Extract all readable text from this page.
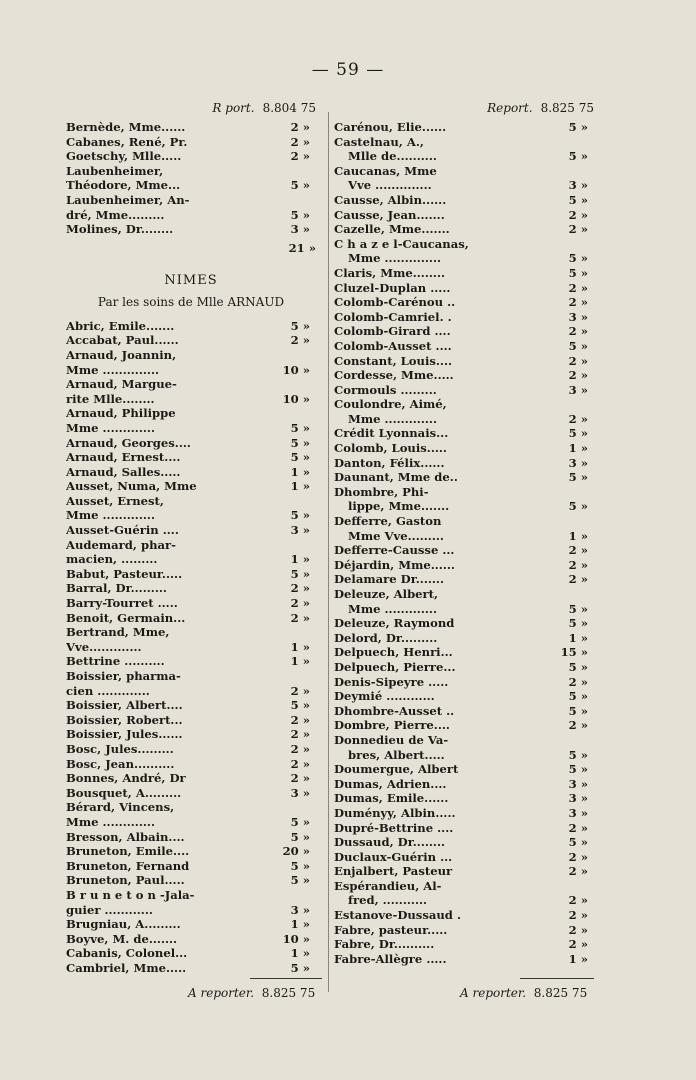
— 59 —
R port. 8.804 75
Bernède, Mme......	2 »
Cabanes, René, Pr.	2 »
Goetschy, Mlle.....	2 »
Laubenheimer,
Théodore, Mme...	5 »
Laubenheimer, An-
dré, Mme.........	5 »
Molines, Dr........	3 »
21 »
NIMES
Par les soins de Mlle ARNAUD
Abric, Emile.......	5 »
Accabat, Paul......	2 »
Arnaud, Joannin,
Mme ..............	10 »
Arnaud, Margue-
rite Mlle........	10 »
Arnaud, Philippe
Mme .............	5 »
Arnaud, Georges....	5 »
Arnaud, Ernest....	5 »
Arnaud, Salles.....	1 »
Ausset, Numa, Mme	1 »
Ausset, Ernest,
Mme .............	5 »
Ausset-Guérin ....	3 »
Audemard, phar-
macien, .........	1 »
Babut, Pasteur.....	5 »
Barral, Dr.........	2 »
Barry-Tourret .....	2 »
Benoit, Germain...	2 »
Bertrand, Mme,
Vve.............	1 »
Bettrine ..........	1 »
Boissier, pharma-
cien .............	2 »
Boissier, Albert....	5 »
Boissier, Robert...	2 »
Boissier, Jules......	2 »
Bosc, Jules.........	2 »
Bosc, Jean..........	2 »
Bonnes, André, Dr	2 »
Bousquet, A.........	3 »
Bérard, Vincens,
Mme .............	5 »
Bresson, Albain....	5 »
Bruneton, Emile....	20 »
Bruneton, Fernand	5 »
Bruneton, Paul.....	5 »
B r u n e t o n -Jala-
guier ............	3 »
Brugniau, A.........	1 »
Boyve, M. de.......	10 »
Cabanis, Colonel...	1 »
Cambriel, Mme.....	5 »
Report. 8.825 75
Carénou, Elie......	5 »
Castelnau, A.,
Mlle de..........	5 »
Caucanas, Mme
Vve ..............	3 »
Causse, Albin......	5 »
Causse, Jean.......	2 »
Cazelle, Mme.......	2 »
C h a z e l-Caucanas,
Mme ..............	5 »
Claris, Mme........	5 »
Cluzel-Duplan .....	2 »
Colomb-Carénou ..	2 »
Colomb-Camriel. .	3 »
Colomb-Girard ....	2 »
Colomb-Ausset ....	5 »
Constant, Louis....	2 »
Cordesse, Mme.....	2 »
Cormouls .........	3 »
Coulondre, Aimé,
Mme .............	2 »
Crédit Lyonnais...	5 »
Colomb, Louis.....	1 »
Danton, Félix......	3 »
Daunant, Mme de..	5 »
Dhombre, Phi-
lippe, Mme.......	5 »
Defferre, Gaston
Mme Vve.........	1 »
Defferre-Causse ...	2 »
Déjardin, Mme......	2 »
Delamare Dr.......	2 »
Deleuze, Albert,
Mme .............	5 »
Deleuze, Raymond	5 »
Delord, Dr.........	1 »
Delpuech, Henri...	15 »
Delpuech, Pierre...	5 »
Denis-Sipeyre .....	2 »
Deymié ............	5 »
Dhombre-Ausset ..	5 »
Dombre, Pierre....	2 »
Donnedieu de Va-
bres, Albert.....	5 »
Doumergue, Albert	5 »
Dumas, Adrien....	3 »
Dumas, Emile......	3 »
Duményy, Albin.....	3 »
Dupré-Bettrine ....	2 »
Dussaud, Dr........	5 »
Duclaux-Guérin ...	2 »
Enjalbert, Pasteur	2 »
Espérandieu, Al-
fred, ...........	2 »
Estanove-Dussaud .	2 »
Fabre, pasteur.....	2 »
Fabre, Dr..........	2 »
Fabre-Allègre .....	1 »
A reporter. 8.825 75	A reporter. 8.825 75
